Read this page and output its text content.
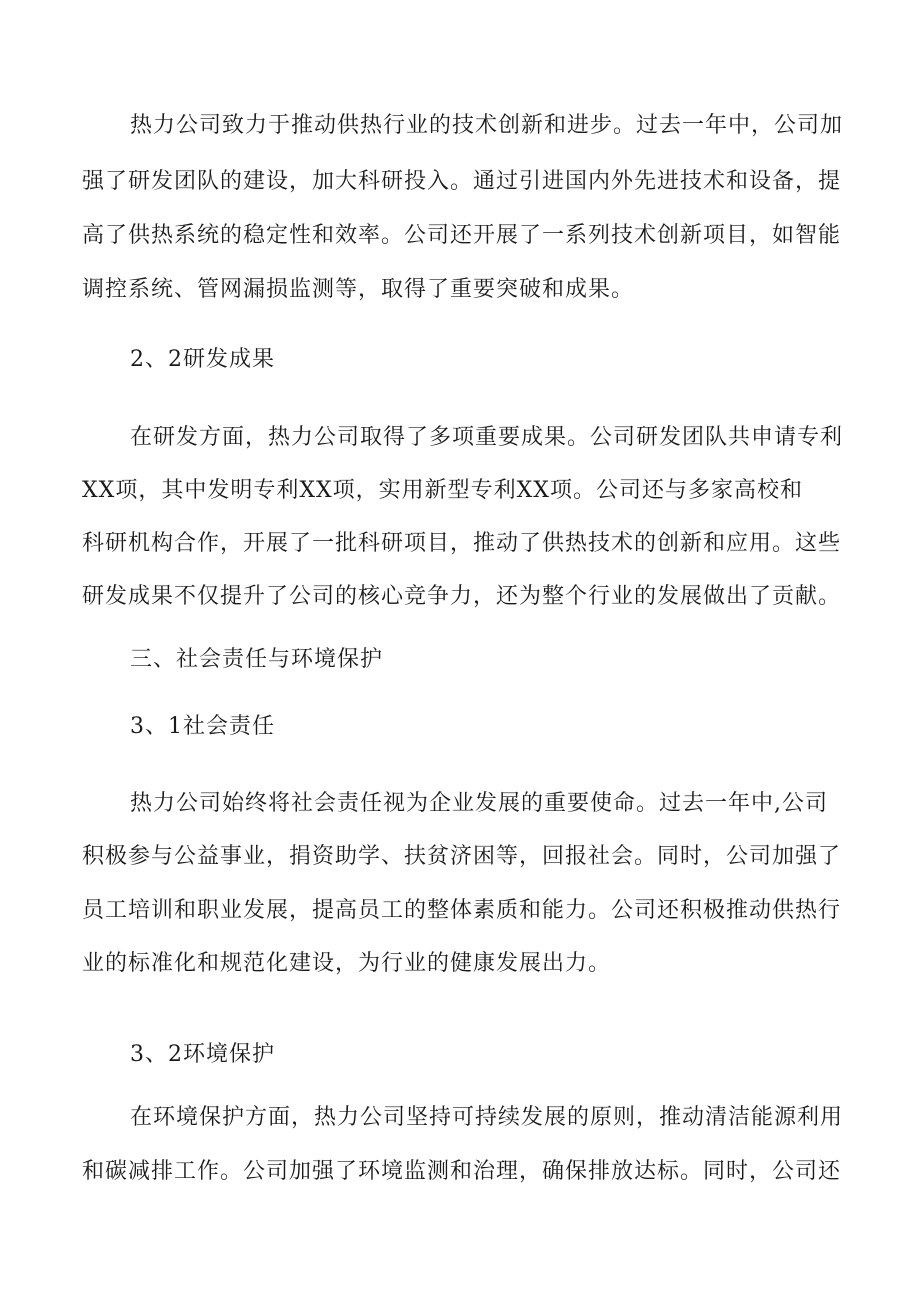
热力公司致力于推动供热行业的技术创新和进步。过去一年中，公司加
强了研发团队的建设，加大科研投入。通过引进国内外先进技术和设备，提
高了供热系统的稳定性和效率。公司还开展了一系列技术创新项目，如智能
调控系统、管网漏损监测等，取得了重要突破和成果。
2、2研发成果
在研发方面，热力公司取得了多项重要成果。公司研发团队共申请专利
XX项，其中发明专利XX项，实用新型专利XX项。公司还与多家高校和
科研机构合作，开展了一批科研项目，推动了供热技术的创新和应用。这些
研发成果不仅提升了公司的核心竞争力，还为整个行业的发展做出了贡献。
三、社会责任与环境保护
3、1社会责任
热力公司始终将社会责任视为企业发展的重要使命。过去一年中,公司
积极参与公益事业，捐资助学、扶贫济困等，回报社会。同时，公司加强了
员工培训和职业发展，提高员工的整体素质和能力。公司还积极推动供热行
业的标准化和规范化建设，为行业的健康发展出力。
3、2环境保护
在环境保护方面，热力公司坚持可持续发展的原则，推动清洁能源利用
和碳减排工作。公司加强了环境监测和治理，确保排放达标。同时，公司还
